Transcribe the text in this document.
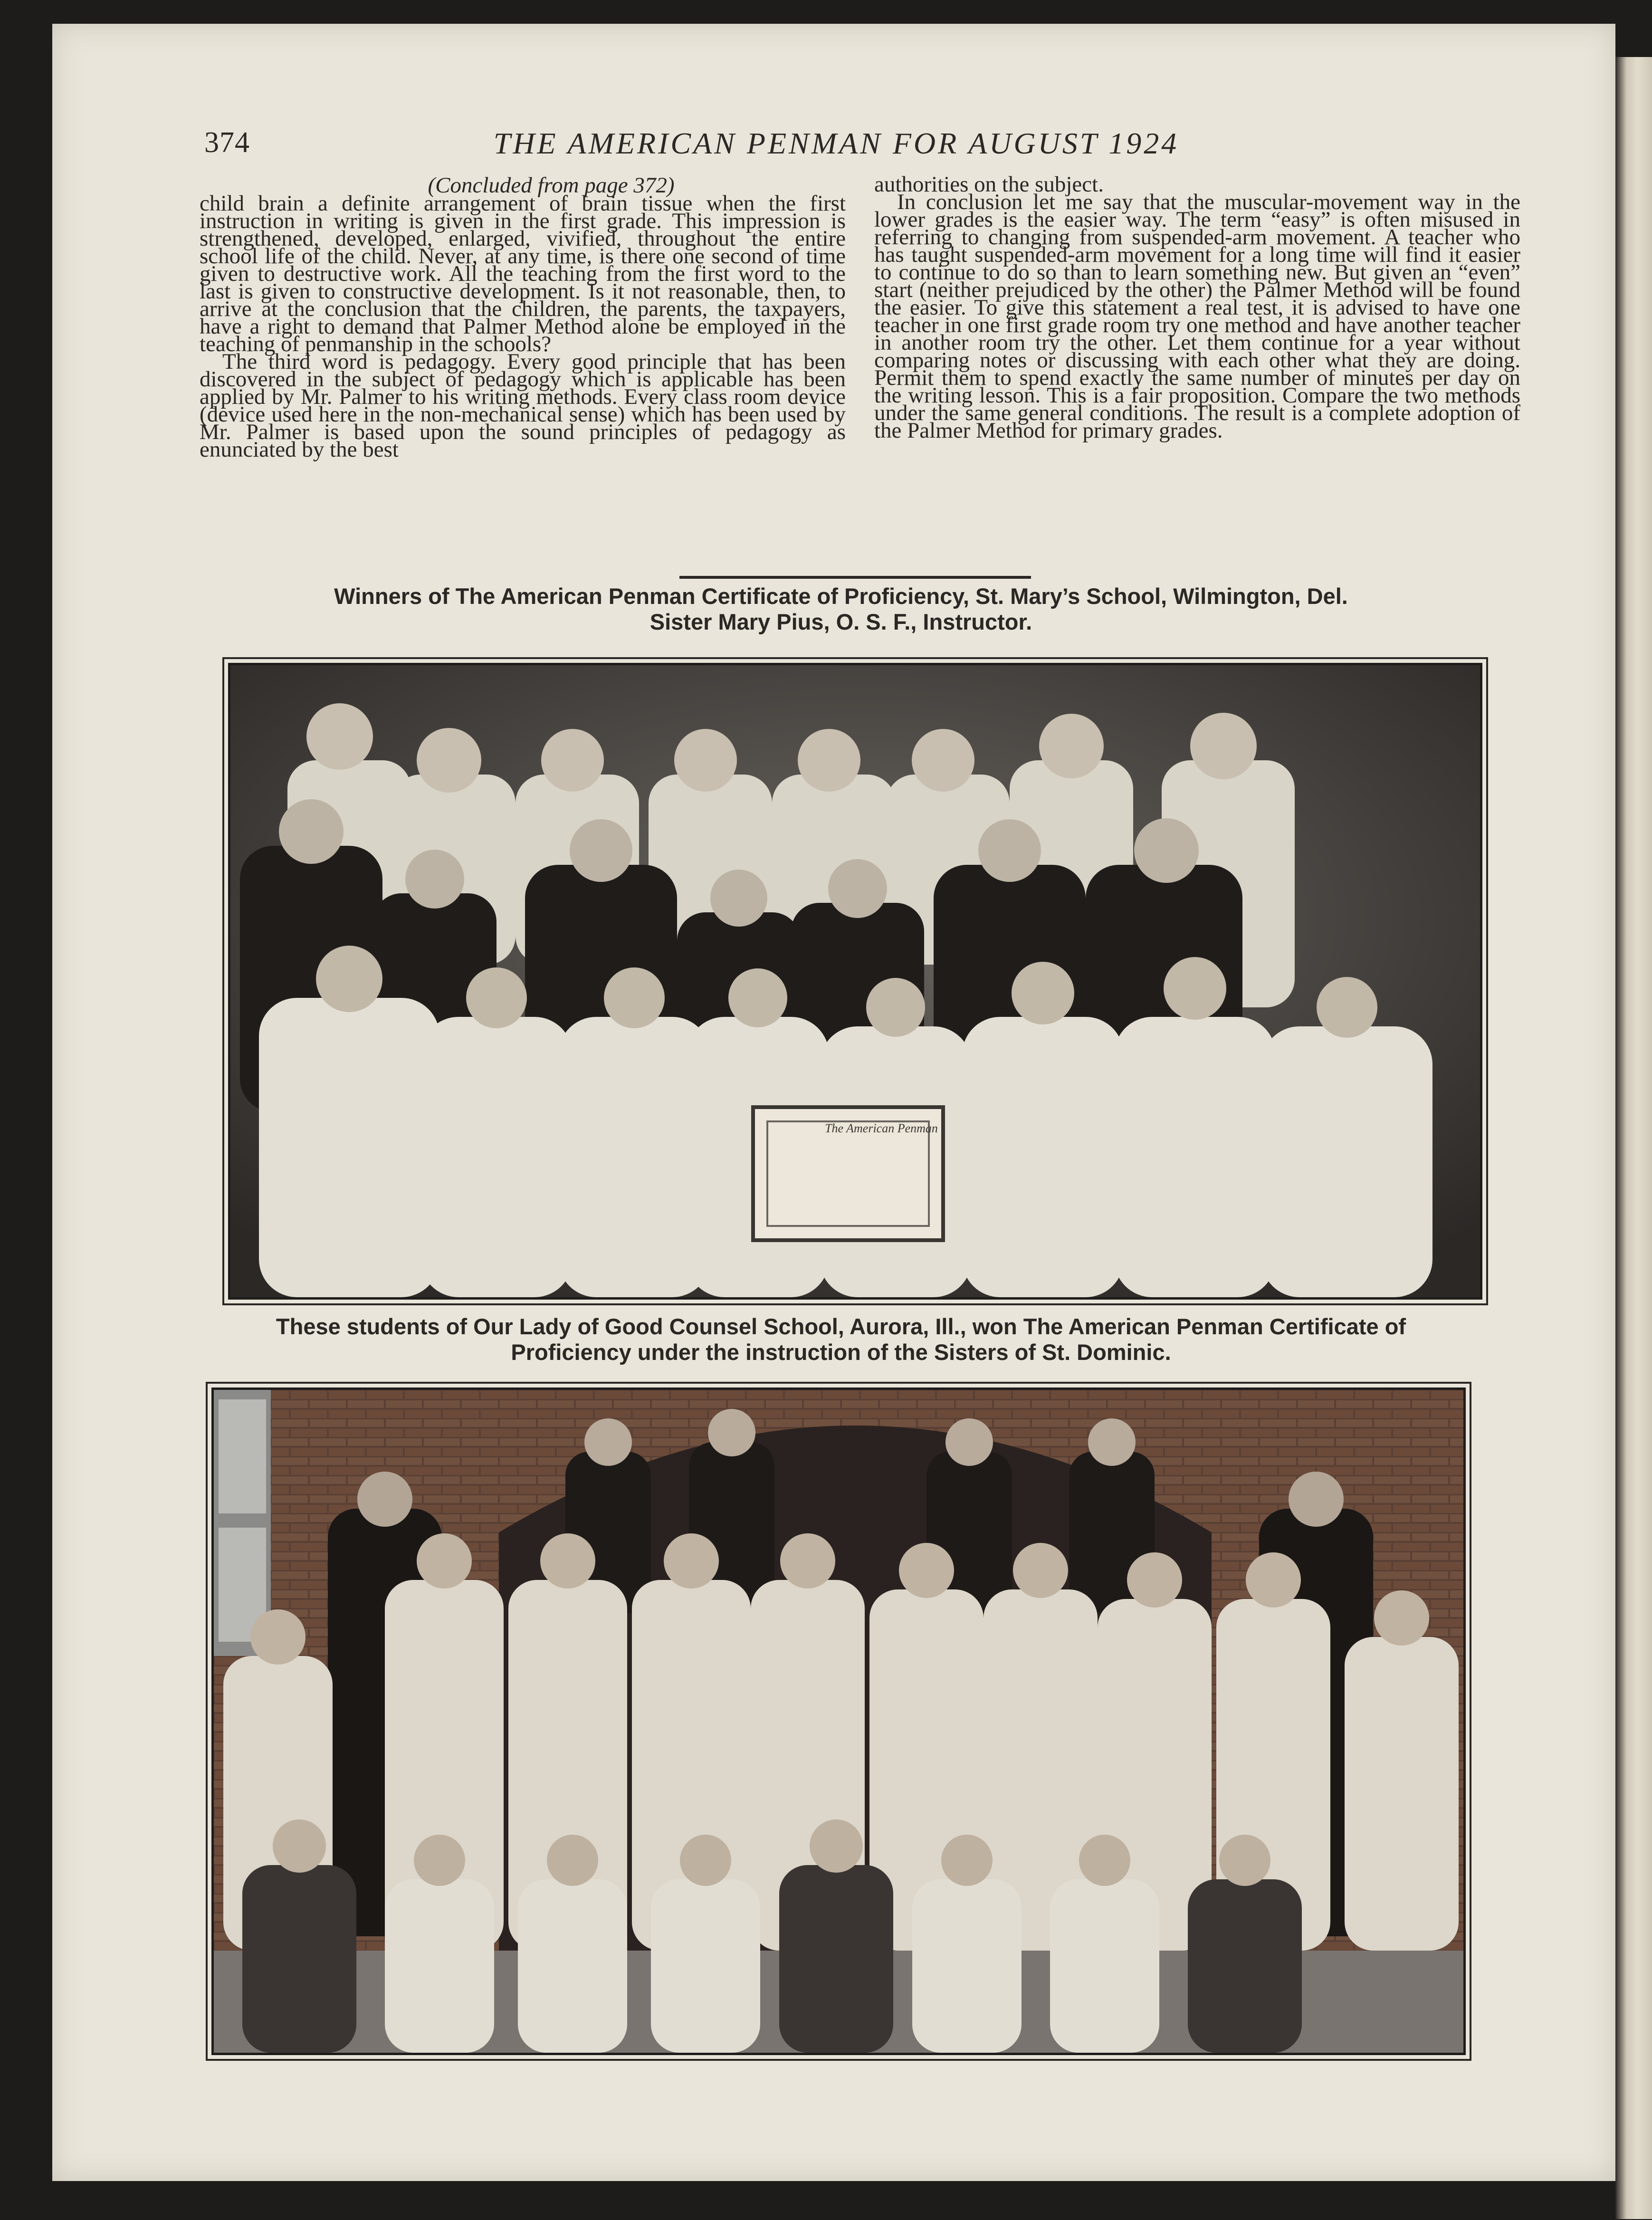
374	THE AMERICAN PENMAN FOR AUGUST 1924
(Concluded from page 372)

child brain a definite arrangement of brain tissue when the first instruction in writing is given in the first grade. This impression is strengthened, developed, enlarged, vivified, throughout the entire school life of the child. Never, at any time, is there one second of time given to destructive work. All the teaching from the first word to the last is given to constructive development. Is it not reasonable, then, to arrive at the conclusion that the children, the parents, the taxpayers, have a right to demand that Palmer Method alone be employed in the teaching of penmanship in the schools?

The third word is pedagogy. Every good principle that has been discovered in the subject of pedagogy which is applicable has been applied by Mr. Palmer to his writing methods. Every class room device (device used here in the non-mechanical sense) which has been used by Mr. Palmer is based upon the sound principles of pedagogy as enunciated by the best

authorities on the subject.

In conclusion let me say that the muscular-movement way in the lower grades is the easier way. The term “easy” is often misused in referring to changing from suspended-arm movement. A teacher who has taught suspended-arm movement for a long time will find it easier to continue to do so than to learn something new. But given an “even” start (neither prejudiced by the other) the Palmer Method will be found the easier. To give this statement a real test, it is advised to have one teacher in one first grade room try one method and have another teacher in another room try the other. Let them continue for a year without comparing notes or discussing with each other what they are doing. Permit them to spend exactly the same number of minutes per day on the writing lesson. This is a fair proposition. Compare the two methods under the same general conditions. The result is a complete adoption of the Palmer Method for primary grades.

Winners of The American Penman Certificate of Proficiency, St. Mary’s School, Wilmington, Del.
Sister Mary Pius, O. S. F., Instructor.
The American Penman
These students of Our Lady of Good Counsel School, Aurora, Ill., won The American Penman Certificate of
Proficiency under the instruction of the Sisters of St. Dominic.
